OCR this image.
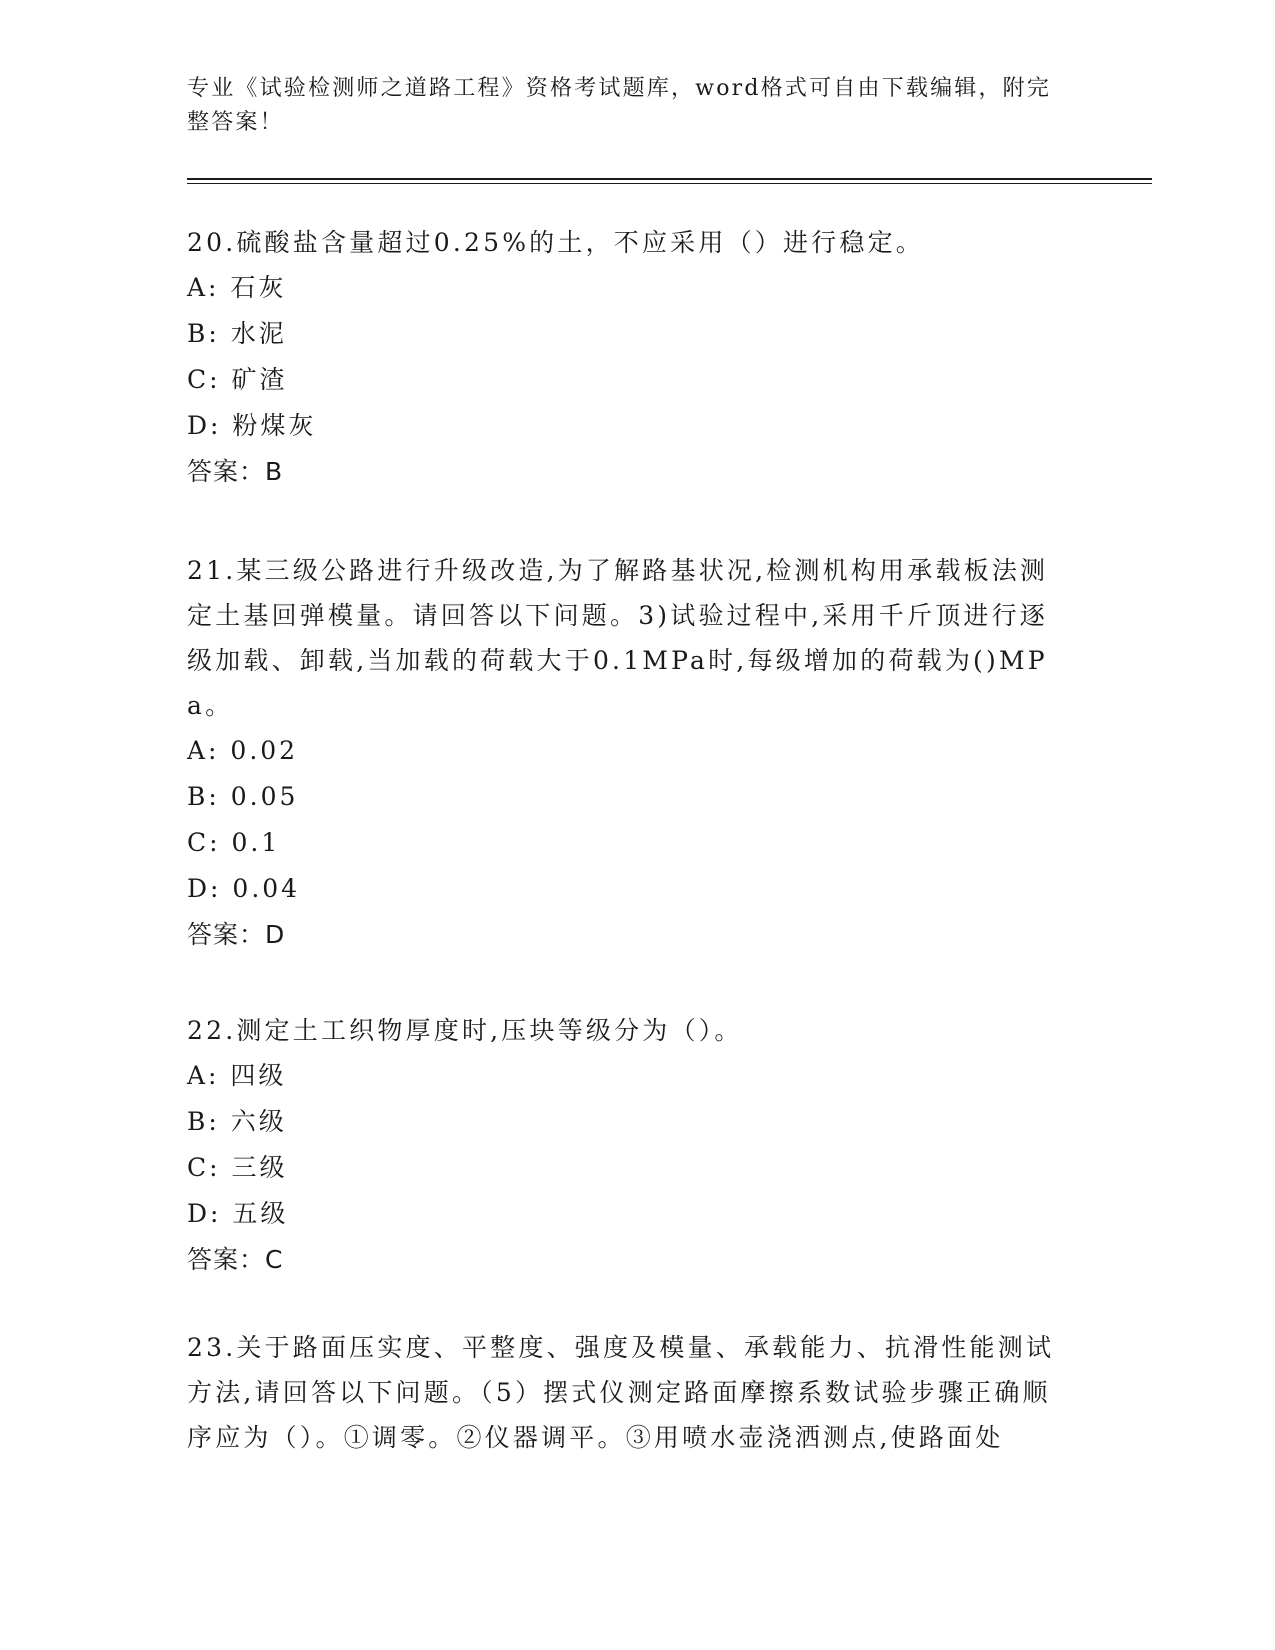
专业《试验检测师之道路工程》资格考试题库，word格式可自由下载编辑，附完整答案！
20.硫酸盐含量超过0.25%的土，不应采用（）进行稳定。
A: 石灰
B: 水泥
C: 矿渣
D: 粉煤灰
答案：B
21.某三级公路进行升级改造,为了解路基状况,检测机构用承载板法测定土基回弹模量。请回答以下问题。3)试验过程中,采用千斤顶进行逐级加载、卸载,当加载的荷载大于0.1MPa时,每级增加的荷载为()MPa。
A: 0.02
B: 0.05
C: 0.1
D: 0.04
答案：D
22.测定土工织物厚度时,压块等级分为（）。
A: 四级
B: 六级
C: 三级
D: 五级
答案：C
23.关于路面压实度、平整度、强度及模量、承载能力、抗滑性能测试方法,请回答以下问题。（5）摆式仪测定路面摩擦系数试验步骤正确顺序应为（）。①调零。②仪器调平。③用喷水壶浇洒测点,使路面处
